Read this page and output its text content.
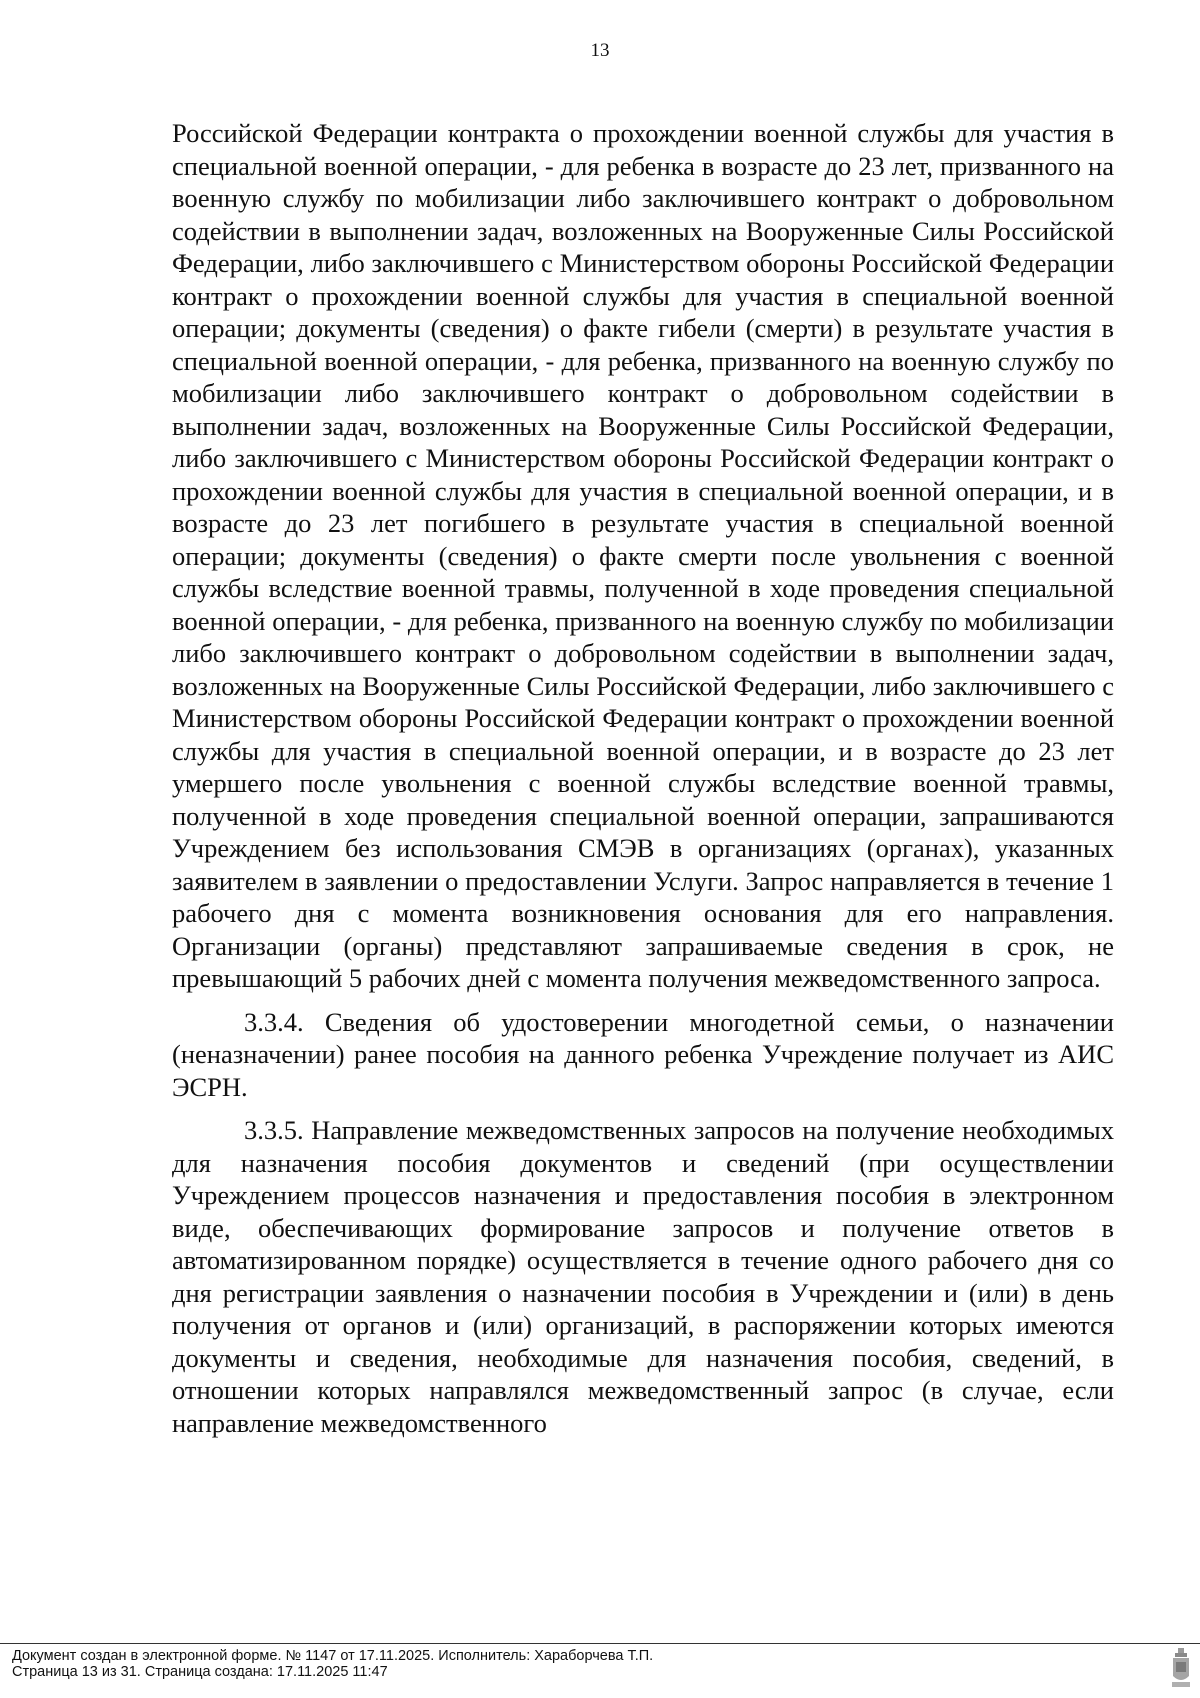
13

Российской Федерации контракта о прохождении военной службы для участия в специальной военной операции, - для ребенка в возрасте до 23 лет, призванного на военную службу по мобилизации либо заключившего контракт о добровольном содействии в выполнении задач, возложенных на Вооруженные Силы Российской Федерации, либо заключившего с Министерством обороны Российской Федерации контракт о прохождении военной службы для участия в специальной военной операции; документы (сведения) о факте гибели (смерти) в результате участия в специальной военной операции, - для ребенка, призванного на военную службу по мобилизации либо заключившего контракт о добровольном содействии в выполнении задач, возложенных на Вооруженные Силы Российской Федерации, либо заключившего с Министерством обороны Российской Федерации контракт о прохождении военной службы для участия в специальной военной операции, и в возрасте до 23 лет погибшего в результате участия в специальной военной операции; документы (сведения) о факте смерти после увольнения с военной службы вследствие военной травмы, полученной в ходе проведения специальной военной операции, - для ребенка, призванного на военную службу по мобилизации либо заключившего контракт о добровольном содействии в выполнении задач, возложенных на Вооруженные Силы Российской Федерации, либо заключившего с Министерством обороны Российской Федерации контракт о прохождении военной службы для участия в специальной военной операции, и в возрасте до 23 лет умершего после увольнения с военной службы вследствие военной травмы, полученной в ходе проведения специальной военной операции, запрашиваются Учреждением без использования СМЭВ в организациях (органах), указанных заявителем в заявлении о предоставлении Услуги. Запрос направляется в течение 1 рабочего дня с момента возникновения основания для его направления. Организации (органы) представляют запрашиваемые сведения в срок, не превышающий 5 рабочих дней с момента получения межведомственного запроса.

3.3.4. Сведения об удостоверении многодетной семьи, о назначении (неназначении) ранее пособия на данного ребенка Учреждение получает из АИС ЭСРН.

3.3.5. Направление межведомственных запросов на получение необходимых для назначения пособия документов и сведений (при осуществлении Учреждением процессов назначения и предоставления пособия в электронном виде, обеспечивающих формирование запросов и получение ответов в автоматизированном порядке) осуществляется в течение одного рабочего дня со дня регистрации заявления о назначении пособия в Учреждении и (или) в день получения от органов и (или) организаций, в распоряжении которых имеются документы и сведения, необходимые для назначения пособия, сведений, в отношении которых направлялся межведомственный запрос (в случае, если направление межведомственного

Документ создан в электронной форме. № 1147 от 17.11.2025. Исполнитель: Хараборчева Т.П.
Страница 13 из 31. Страница создана: 17.11.2025 11:47
